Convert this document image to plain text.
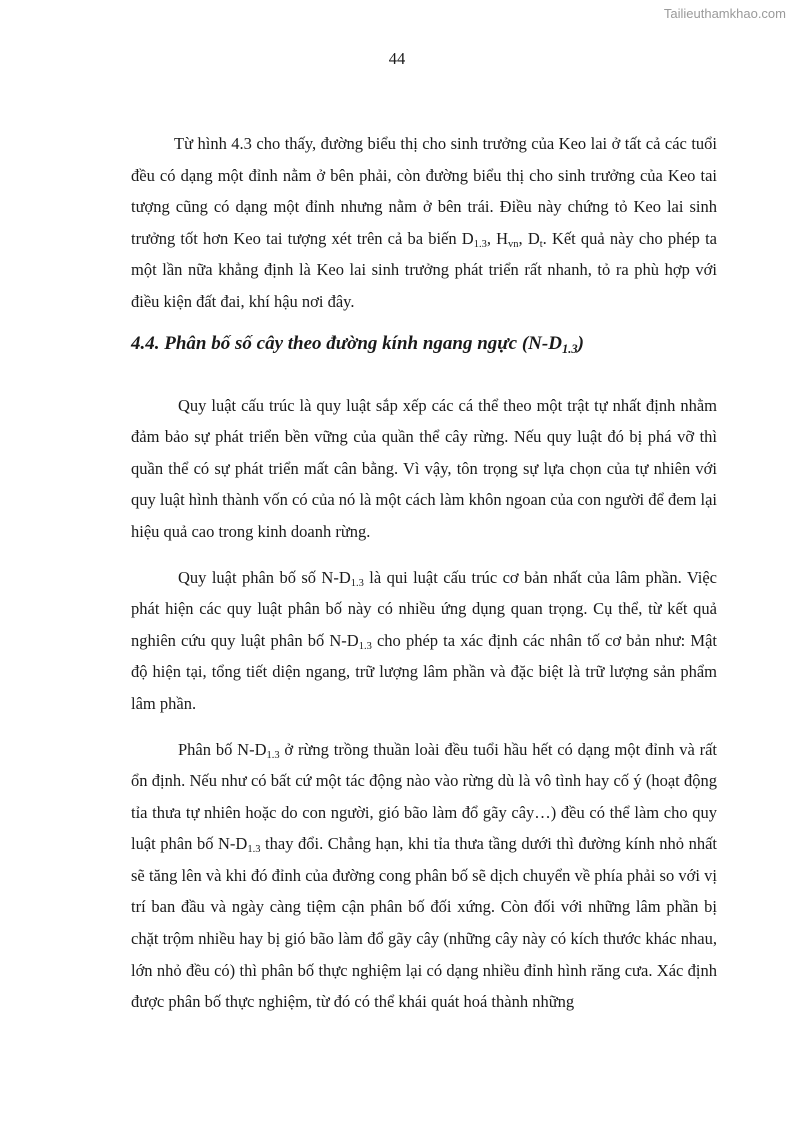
Tailieuthamkhao.com
44

Từ hình 4.3 cho thấy, đường biểu thị cho sinh trưởng của Keo lai ở tất cả các tuổi đều có dạng một đỉnh nằm ở bên phải, còn đường biểu thị cho sinh trưởng của Keo tai tượng cũng có dạng một đỉnh nhưng nằm ở bên trái. Điều này chứng tỏ Keo lai sinh trưởng tốt hơn Keo tai tượng xét trên cả ba biến $D_{1.3}$, $H_{vn}$, $D_t$. Kết quả này cho phép ta một lần nữa khẳng định là Keo lai sinh trưởng phát triển rất nhanh, tỏ ra phù hợp với điều kiện đất đai, khí hậu nơi đây.

4.4. Phân bố số cây theo đường kính ngang ngực $(N-D_{1.3})$

Quy luật cấu trúc là quy luật sắp xếp các cá thể theo một trật tự nhất định nhằm đảm bảo sự phát triển bền vững của quần thể cây rừng. Nếu quy luật đó bị phá vỡ thì quần thể có sự phát triển mất cân bằng. Vì vậy, tôn trọng sự lựa chọn của tự nhiên với quy luật hình thành vốn có của nó là một cách làm khôn ngoan của con người để đem lại hiệu quả cao trong kinh doanh rừng.

Quy luật phân bố số $N-D_{1.3}$ là qui luật cấu trúc cơ bản nhất của lâm phần. Việc phát hiện các quy luật phân bố này có nhiều ứng dụng quan trọng. Cụ thể, từ kết quả nghiên cứu quy luật phân bố $N-D_{1.3}$ cho phép ta xác định các nhân tố cơ bản như: Mật độ hiện tại, tổng tiết diện ngang, trữ lượng lâm phần và đặc biệt là trữ lượng sản phẩm lâm phần.

Phân bố $N-D_{1.3}$ ở rừng trồng thuần loài đều tuổi hầu hết có dạng một đỉnh và rất ổn định. Nếu như có bất cứ một tác động nào vào rừng dù là vô tình hay cố ý (hoạt động tỉa thưa tự nhiên hoặc do con người, gió bão làm đổ gãy cây…) đều có thể làm cho quy luật phân bố $N-D_{1.3}$ thay đổi. Chẳng hạn, khi tỉa thưa tầng dưới thì đường kính nhỏ nhất sẽ tăng lên và khi đó đỉnh của đường cong phân bố sẽ dịch chuyển về phía phải so với vị trí ban đầu và ngày càng tiệm cận phân bố đối xứng. Còn đối với những lâm phần bị chặt trộm nhiều hay bị gió bão làm đổ gãy cây (những cây này có kích thước khác nhau, lớn nhỏ đều có) thì phân bố thực nghiệm lại có dạng nhiều đỉnh hình răng cưa. Xác định được phân bố thực nghiệm, từ đó có thể khái quát hoá thành những
